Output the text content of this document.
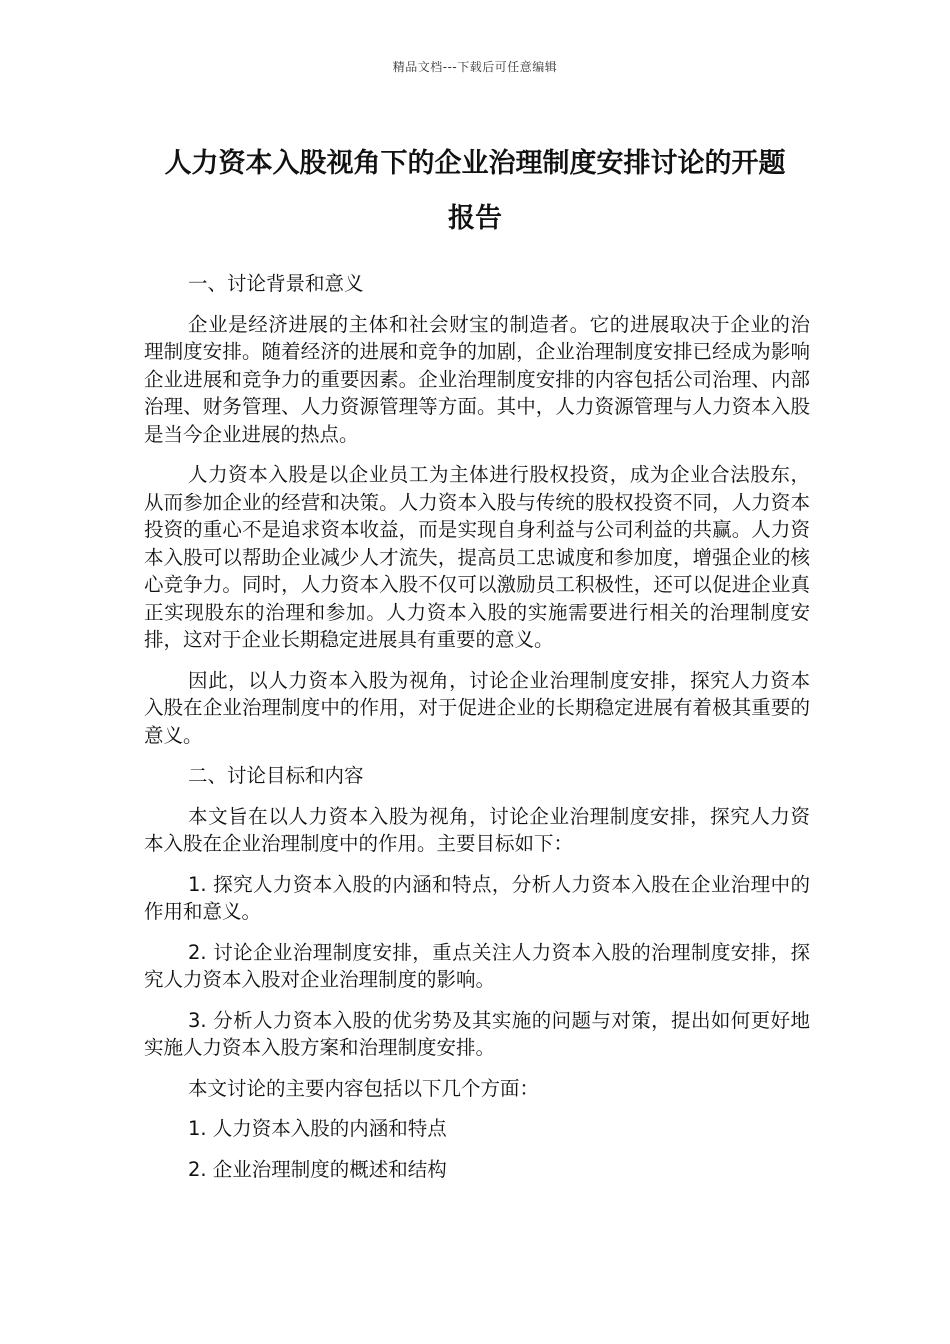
精品文档---下载后可任意编辑
人力资本入股视角下的企业治理制度安排讨论的开题
报告

一、讨论背景和意义

企业是经济进展的主体和社会财宝的制造者。它的进展取决于企业的治理制度安排。随着经济的进展和竞争的加剧，企业治理制度安排已经成为影响企业进展和竞争力的重要因素。企业治理制度安排的内容包括公司治理、内部治理、财务管理、人力资源管理等方面。其中，人力资源管理与人力资本入股是当今企业进展的热点。

人力资本入股是以企业员工为主体进行股权投资，成为企业合法股东，从而参加企业的经营和决策。人力资本入股与传统的股权投资不同，人力资本投资的重心不是追求资本收益，而是实现自身利益与公司利益的共赢。人力资本入股可以帮助企业减少人才流失，提高员工忠诚度和参加度，增强企业的核心竞争力。同时，人力资本入股不仅可以激励员工积极性，还可以促进企业真正实现股东的治理和参加。人力资本入股的实施需要进行相关的治理制度安排，这对于企业长期稳定进展具有重要的意义。

因此，以人力资本入股为视角，讨论企业治理制度安排，探究人力资本入股在企业治理制度中的作用，对于促进企业的长期稳定进展有着极其重要的意义。

二、讨论目标和内容

本文旨在以人力资本入股为视角，讨论企业治理制度安排，探究人力资本入股在企业治理制度中的作用。主要目标如下：

1. 探究人力资本入股的内涵和特点，分析人力资本入股在企业治理中的作用和意义。

2. 讨论企业治理制度安排，重点关注人力资本入股的治理制度安排，探究人力资本入股对企业治理制度的影响。

3. 分析人力资本入股的优劣势及其实施的问题与对策，提出如何更好地实施人力资本入股方案和治理制度安排。

本文讨论的主要内容包括以下几个方面：

1. 人力资本入股的内涵和特点

2. 企业治理制度的概述和结构
